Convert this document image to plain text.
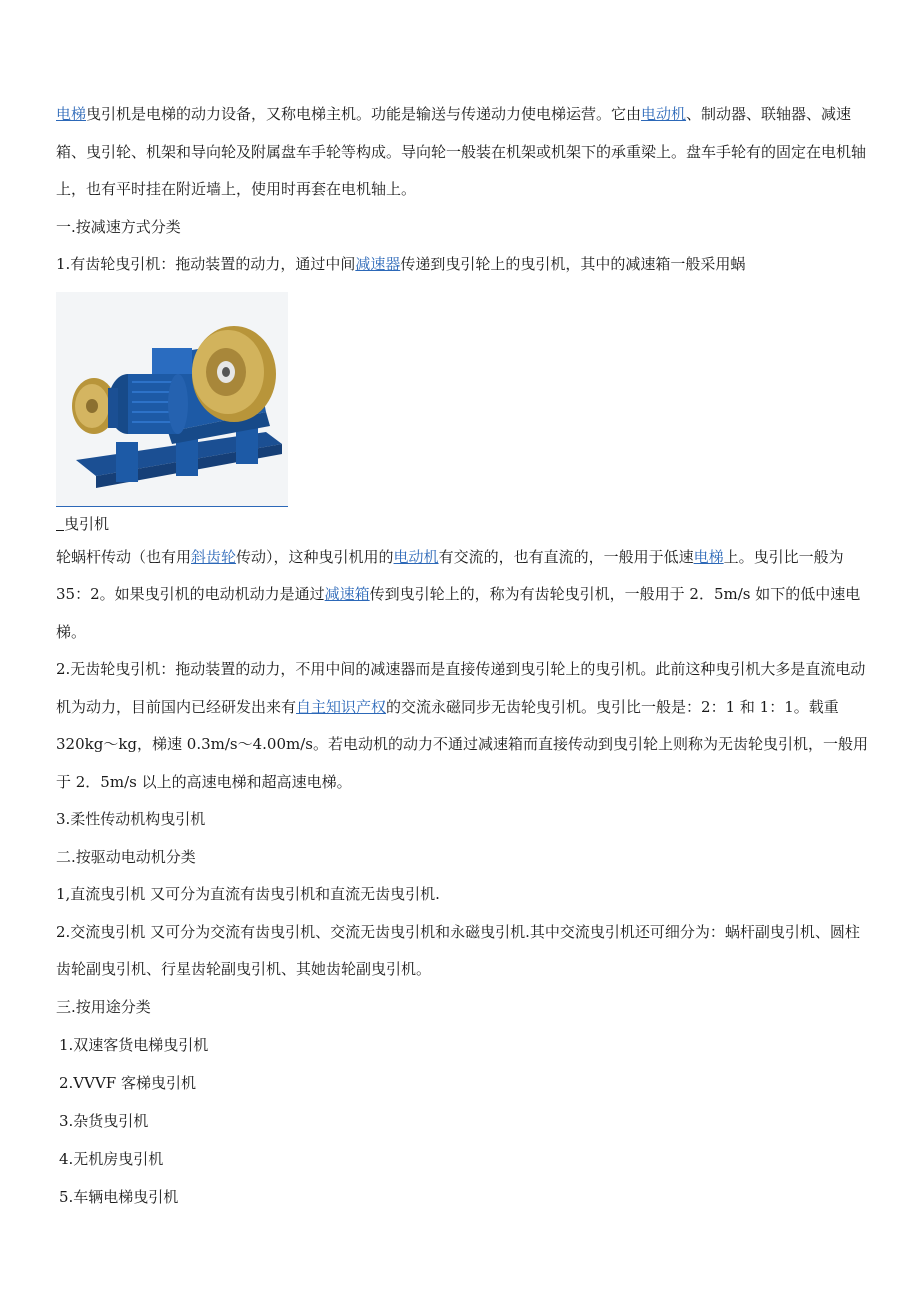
电梯曳引机是电梯的动力设备，又称电梯主机。功能是输送与传递动力使电梯运营。它由电动机、制动器、联轴器、减速箱、曳引轮、机架和导向轮及附属盘车手轮等构成。导向轮一般装在机架或机架下的承重梁上。盘车手轮有的固定在电机轴上，也有平时挂在附近墙上，使用时再套在电机轴上。

一.按减速方式分类

1.有齿轮曳引机：拖动装置的动力，通过中间减速器传递到曳引轮上的曳引机，其中的减速箱一般采用蜗

曳引机

轮蜗杆传动（也有用斜齿轮传动），这种曳引机用的电动机有交流的，也有直流的，一般用于低速电梯上。曳引比一般为 35：2。如果曳引机的电动机动力是通过减速箱传到曳引轮上的，称为有齿轮曳引机，一般用于 2．5m/s 如下的低中速电梯。

2.无齿轮曳引机：拖动装置的动力，不用中间的减速器而是直接传递到曳引轮上的曳引机。此前这种曳引机大多是直流电动机为动力，目前国内已经研发出来有自主知识产权的交流永磁同步无齿轮曳引机。曳引比一般是：2：1 和 1：1。载重 320kg～kg，梯速 0.3m/s～4.00m/s。若电动机的动力不通过减速箱而直接传动到曳引轮上则称为无齿轮曳引机，一般用于 2．5m/s 以上的高速电梯和超高速电梯。

3.柔性传动机构曳引机

二.按驱动电动机分类

1,直流曳引机 又可分为直流有齿曳引机和直流无齿曳引机.

2.交流曳引机 又可分为交流有齿曳引机、交流无齿曳引机和永磁曳引机.其中交流曳引机还可细分为：蜗杆副曳引机、圆柱齿轮副曳引机、行星齿轮副曳引机、其她齿轮副曳引机。

三.按用途分类

1.双速客货电梯曳引机

2.VVVF 客梯曳引机

3.杂货曳引机

4.无机房曳引机

5.车辆电梯曳引机
